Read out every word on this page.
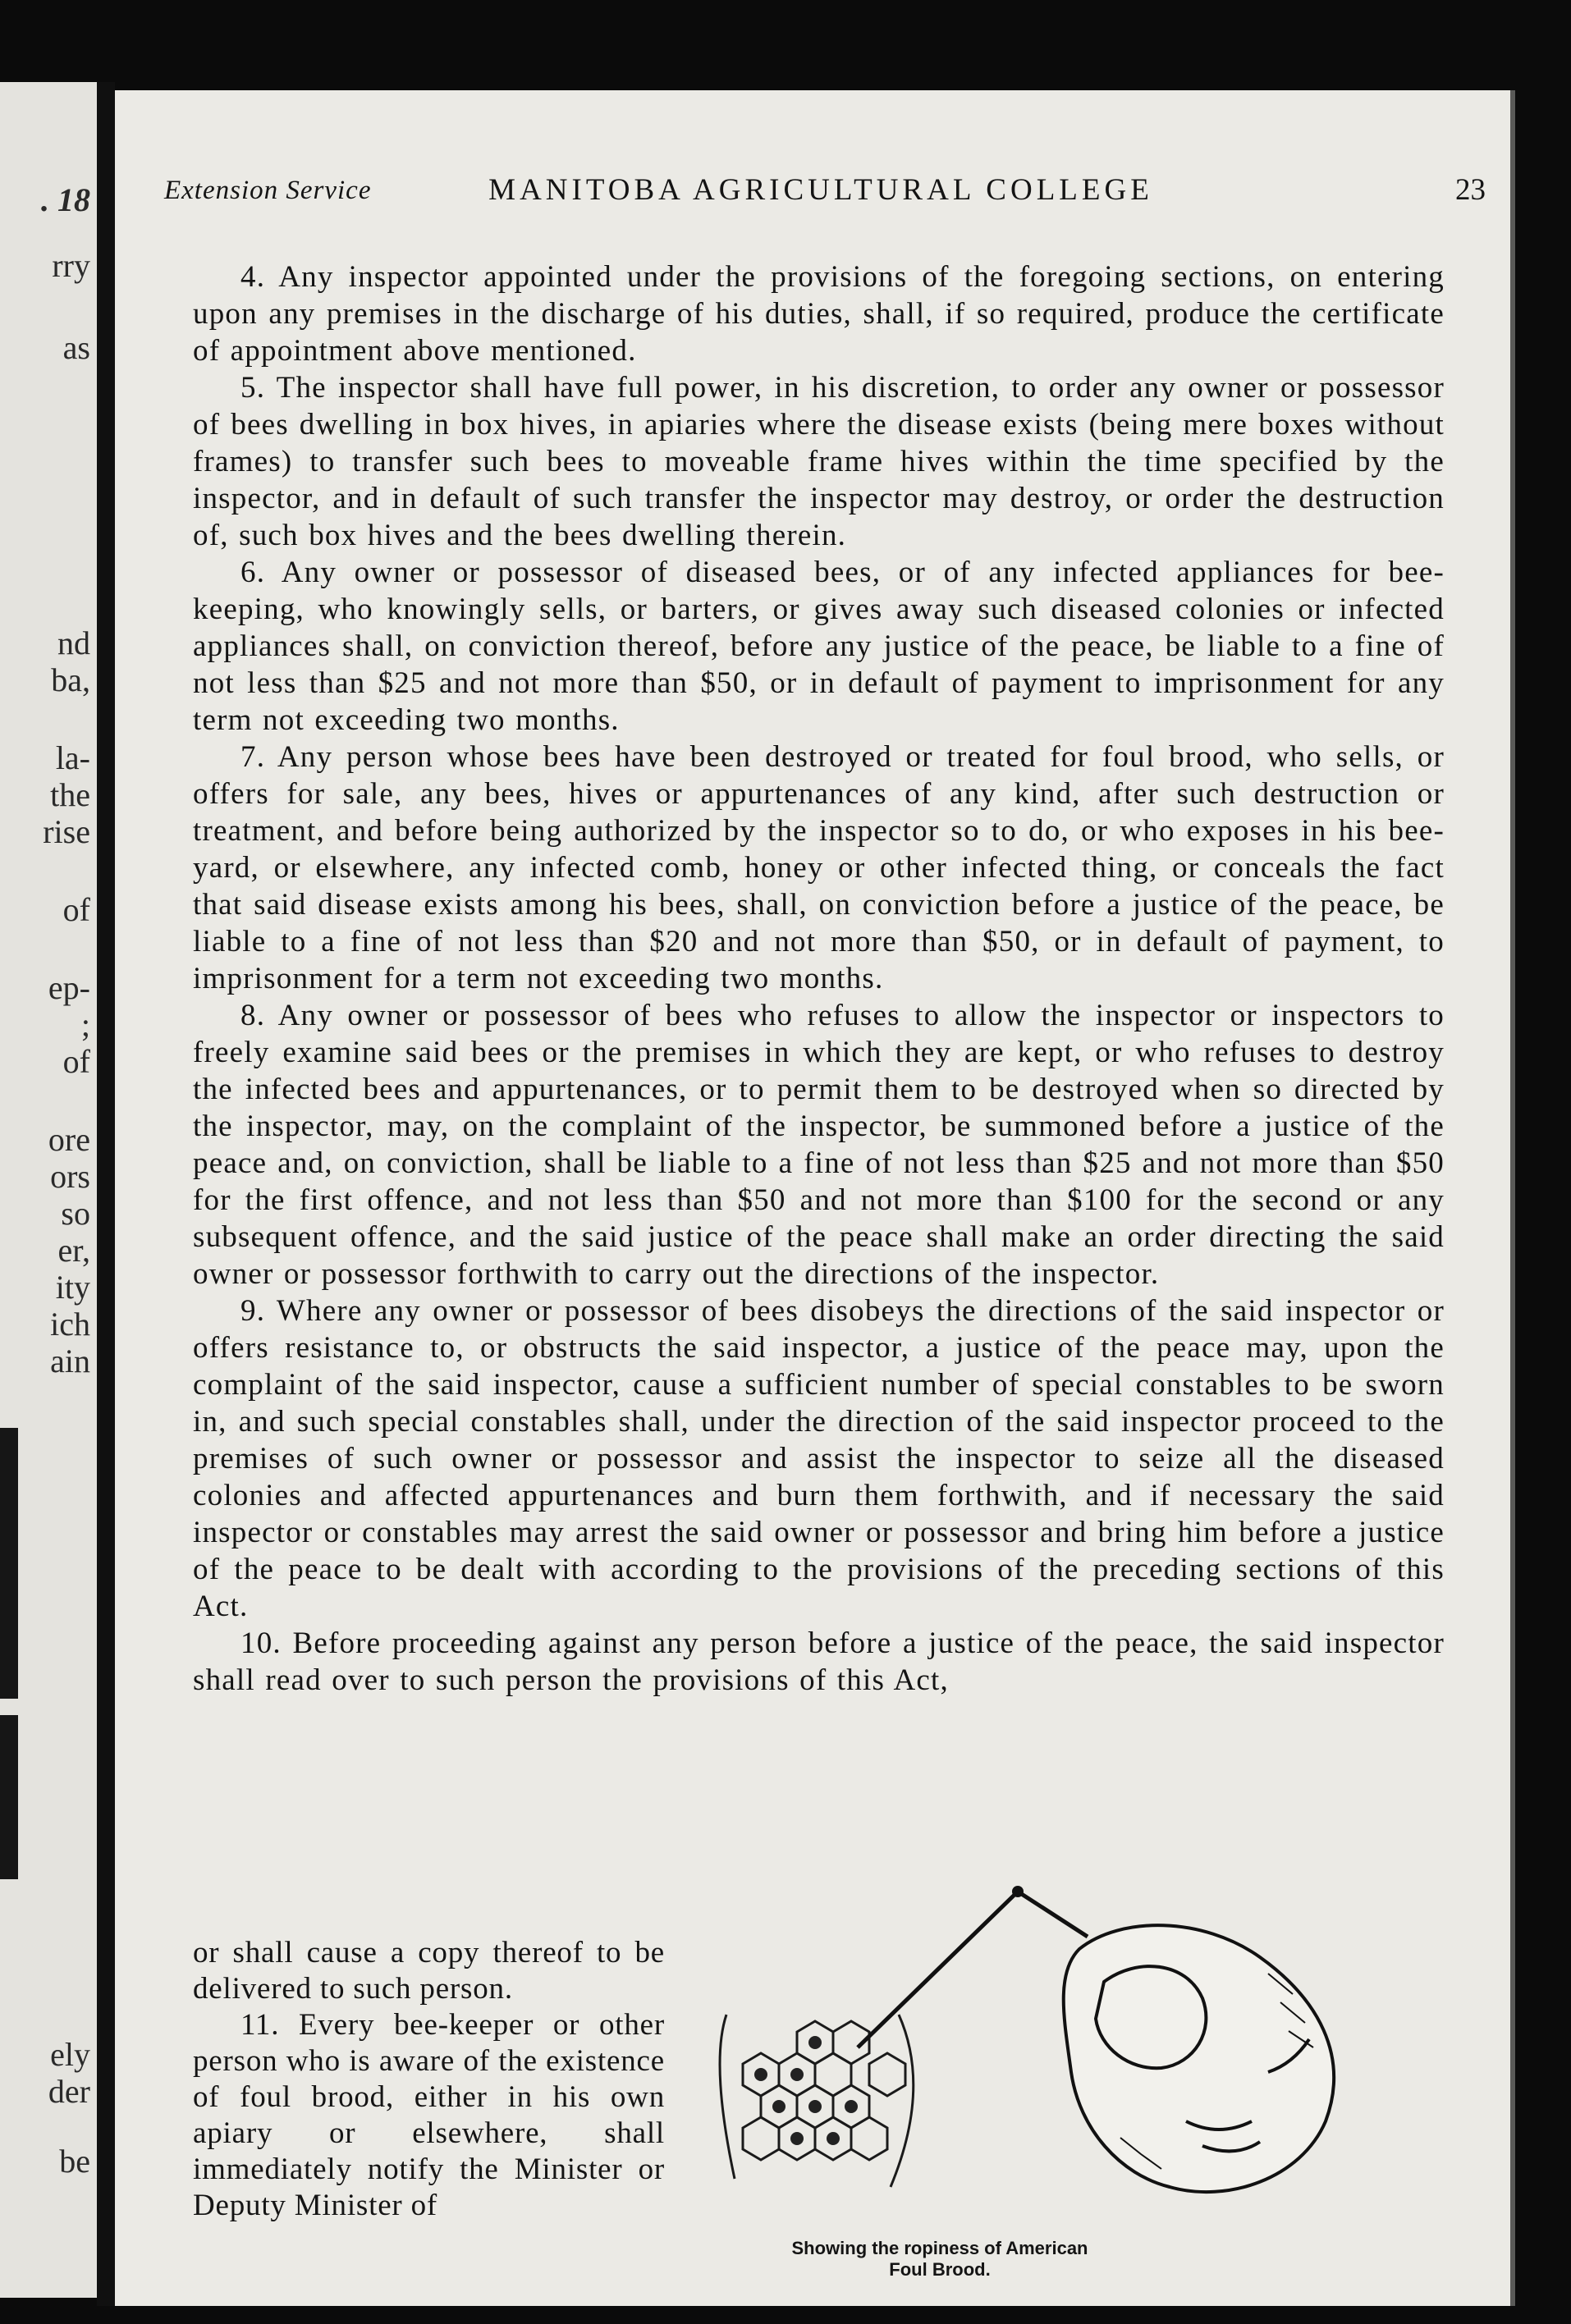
. 18
rry
as
nd
ba,
la-
the
rise
of
ep-
;
of
ore
ors
so
er,
ity
ich
ain
ely
der
be
Extension Service	MANITOBA AGRICULTURAL COLLEGE	23

4. Any inspector appointed under the provisions of the foregoing sections, on entering upon any premises in the discharge of his duties, shall, if so required, produce the certificate of appointment above mentioned.

5. The inspector shall have full power, in his discretion, to order any owner or possessor of bees dwelling in box hives, in apiaries where the disease exists (being mere boxes without frames) to transfer such bees to moveable frame hives within the time specified by the inspector, and in default of such transfer the inspector may destroy, or order the destruction of, such box hives and the bees dwelling therein.

6. Any owner or possessor of diseased bees, or of any infected appliances for bee-keeping, who knowingly sells, or barters, or gives away such diseased colonies or infected appliances shall, on conviction thereof, before any justice of the peace, be liable to a fine of not less than $25 and not more than $50, or in default of payment to imprisonment for any term not exceeding two months.

7. Any person whose bees have been destroyed or treated for foul brood, who sells, or offers for sale, any bees, hives or appurtenances of any kind, after such destruction or treatment, and before being authorized by the inspector so to do, or who exposes in his bee-yard, or elsewhere, any infected comb, honey or other infected thing, or conceals the fact that said disease exists among his bees, shall, on conviction before a justice of the peace, be liable to a fine of not less than $20 and not more than $50, or in default of payment, to imprisonment for a term not exceeding two months.

8. Any owner or possessor of bees who refuses to allow the inspector or inspectors to freely examine said bees or the premises in which they are kept, or who refuses to destroy the infected bees and appurtenances, or to permit them to be destroyed when so directed by the inspector, may, on the complaint of the inspector, be summoned before a justice of the peace and, on conviction, shall be liable to a fine of not less than $25 and not more than $50 for the first offence, and not less than $50 and not more than $100 for the second or any subsequent offence, and the said justice of the peace shall make an order directing the said owner or possessor forthwith to carry out the directions of the inspector.

9. Where any owner or possessor of bees disobeys the directions of the said inspector or offers resistance to, or obstructs the said inspector, a justice of the peace may, upon the complaint of the said inspector, cause a sufficient number of special constables to be sworn in, and such special constables shall, under the direction of the said inspector proceed to the premises of such owner or possessor and assist the inspector to seize all the diseased colonies and affected appurtenances and burn them forthwith, and if necessary the said inspector or constables may arrest the said owner or possessor and bring him before a justice of the peace to be dealt with according to the provisions of the preceding sections of this Act.

10. Before proceeding against any person before a justice of the peace, the said inspector shall read over to such person the provisions of this Act,

or shall cause a copy thereof to be delivered to such person.

11. Every bee-keeper or other person who is aware of the existence of foul brood, either in his own apiary or elsewhere, shall immediately notify the Minister or Deputy Minister of

Showing the ropiness of American
Foul Brood.
